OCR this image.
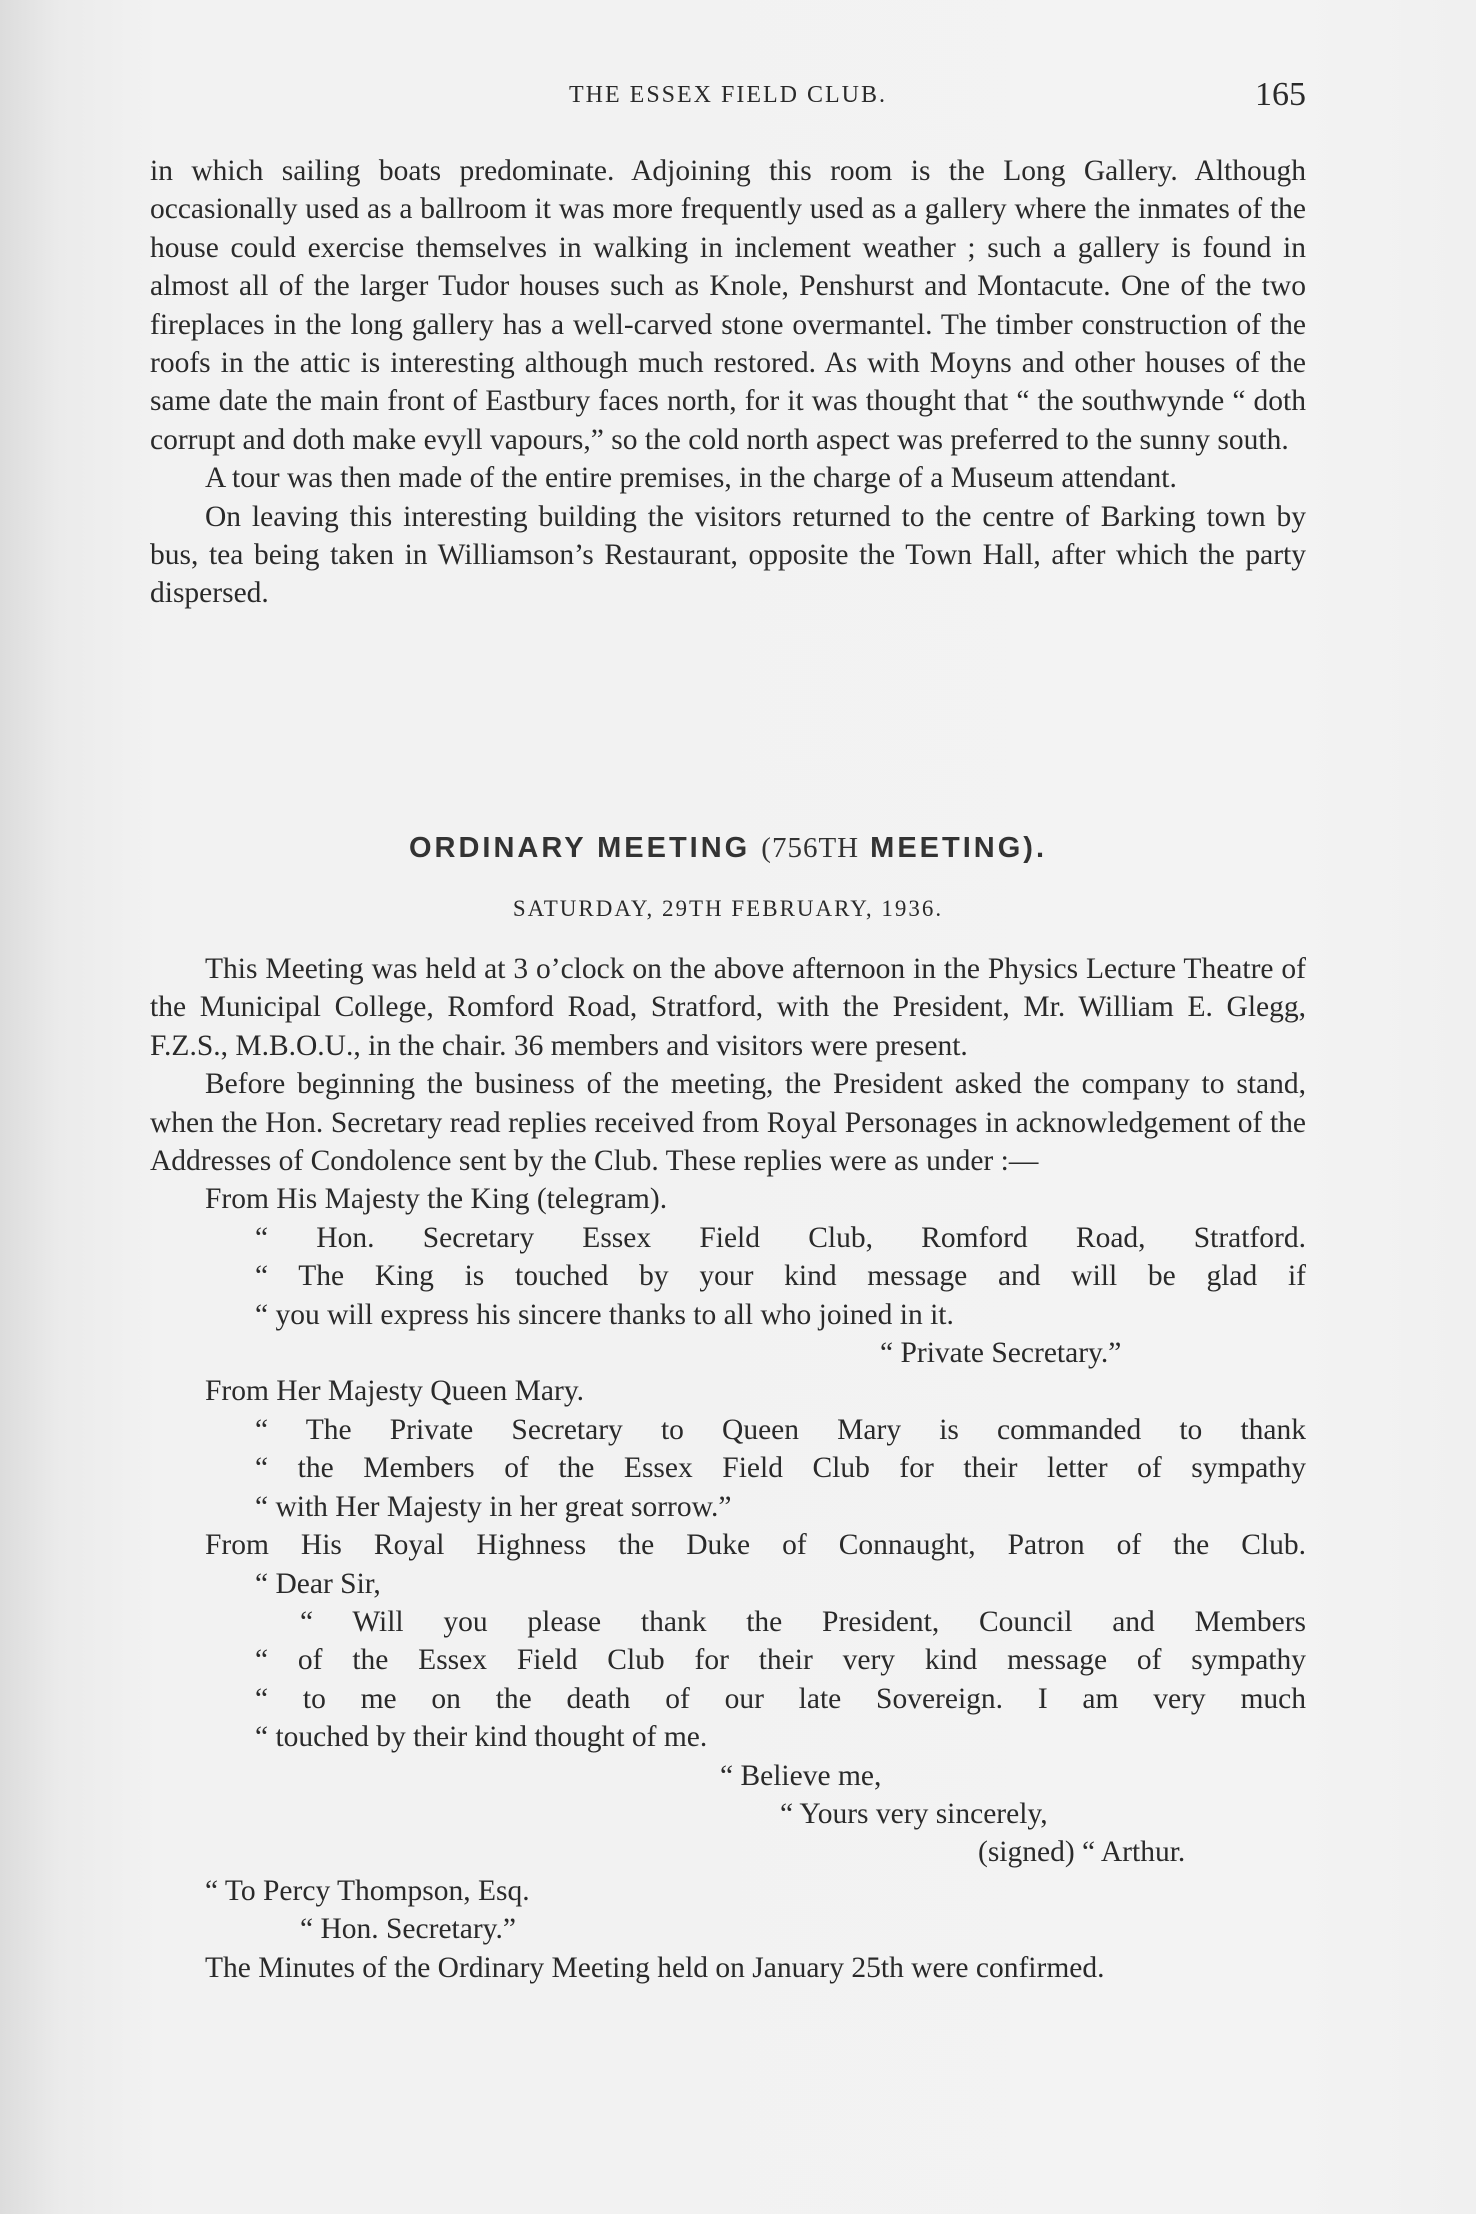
THE ESSEX FIELD CLUB.	165

in which sailing boats predominate. Adjoining this room is the Long Gallery. Although occasionally used as a ballroom it was more frequently used as a gallery where the inmates of the house could exercise themselves in walking in inclement weather ; such a gallery is found in almost all of the larger Tudor houses such as Knole, Penshurst and Montacute. One of the two fireplaces in the long gallery has a well-carved stone overmantel. The timber construction of the roofs in the attic is interesting although much restored. As with Moyns and other houses of the same date the main front of Eastbury faces north, for it was thought that “ the southwynde “ doth corrupt and doth make evyll vapours,” so the cold north aspect was preferred to the sunny south.

A tour was then made of the entire premises, in the charge of a Museum attendant.

On leaving this interesting building the visitors returned to the centre of Barking town by bus, tea being taken in Williamson’s Restaurant, opposite the Town Hall, after which the party dispersed.

ORDINARY MEETING (756TH MEETING).
SATURDAY, 29TH FEBRUARY, 1936.

This Meeting was held at 3 o’clock on the above afternoon in the Physics Lecture Theatre of the Municipal College, Romford Road, Stratford, with the President, Mr. William E. Glegg, F.Z.S., M.B.O.U., in the chair. 36 members and visitors were present.

Before beginning the business of the meeting, the President asked the company to stand, when the Hon. Secretary read replies received from Royal Personages in acknowledgement of the Addresses of Condolence sent by the Club. These replies were as under :—

From His Majesty the King (telegram).
“ Hon. Secretary Essex Field Club, Romford Road, Stratford.
“ The King is touched by your kind message and will be glad if
“ you will express his sincere thanks to all who joined in it.
“ Private Secretary.”
From Her Majesty Queen Mary.
“ The Private Secretary to Queen Mary is commanded to thank
“ the Members of the Essex Field Club for their letter of sympathy
“ with Her Majesty in her great sorrow.”
From His Royal Highness the Duke of Connaught, Patron of the Club.
“ Dear Sir,
“ Will you please thank the President, Council and Members
“ of the Essex Field Club for their very kind message of sympathy
“ to me on the death of our late Sovereign. I am very much
“ touched by their kind thought of me.
“ Believe me,
“ Yours very sincerely,
(signed) “ Arthur.
“ To Percy Thompson, Esq.
“ Hon. Secretary.”

The Minutes of the Ordinary Meeting held on January 25th were confirmed.
